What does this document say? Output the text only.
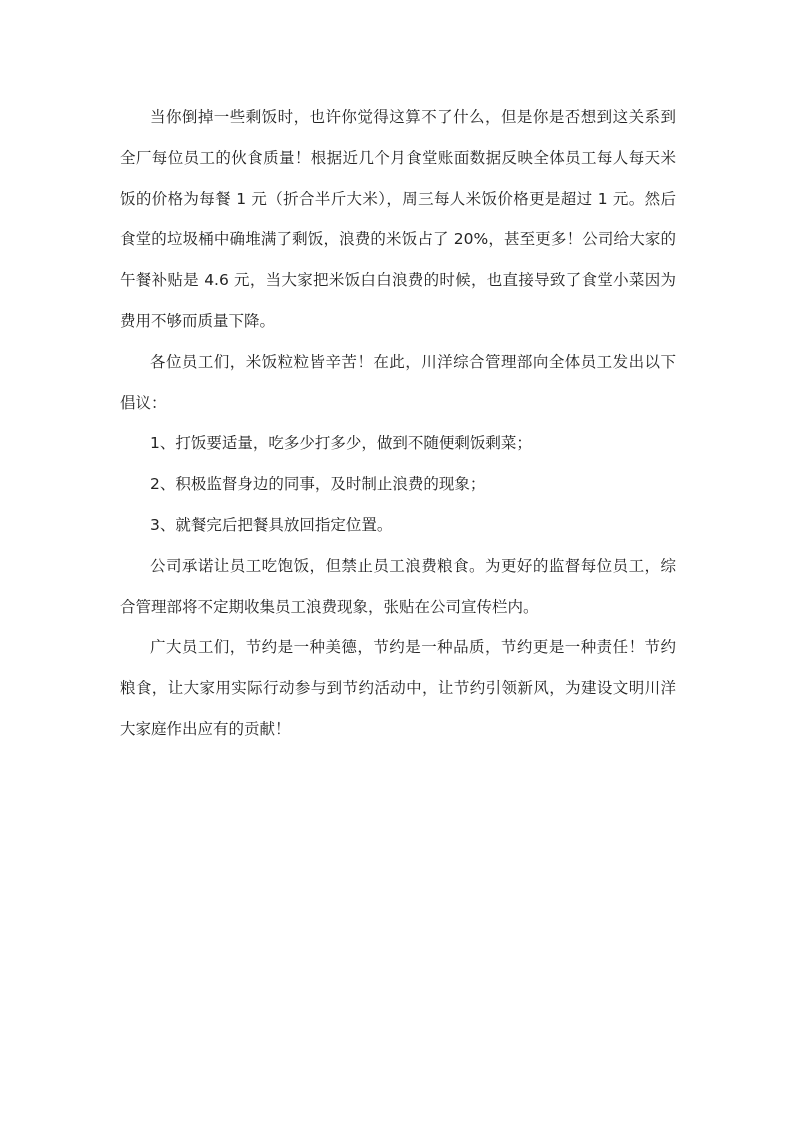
当你倒掉一些剩饭时，也许你觉得这算不了什么，但是你是否想到这关系到全厂每位员工的伙食质量！根据近几个月食堂账面数据反映全体员工每人每天米饭的价格为每餐 1 元（折合半斤大米），周三每人米饭价格更是超过 1 元。然后食堂的垃圾桶中确堆满了剩饭，浪费的米饭占了 20%，甚至更多！公司给大家的午餐补贴是 4.6 元，当大家把米饭白白浪费的时候，也直接导致了食堂小菜因为费用不够而质量下降。

各位员工们，米饭粒粒皆辛苦！在此，川洋综合管理部向全体员工发出以下倡议：

1、打饭要适量，吃多少打多少，做到不随便剩饭剩菜；

2、积极监督身边的同事，及时制止浪费的现象；

3、就餐完后把餐具放回指定位置。

公司承诺让员工吃饱饭，但禁止员工浪费粮食。为更好的监督每位员工，综合管理部将不定期收集员工浪费现象，张贴在公司宣传栏内。

广大员工们，节约是一种美德，节约是一种品质，节约更是一种责任！节约粮食，让大家用实际行动参与到节约活动中，让节约引领新风，为建设文明川洋大家庭作出应有的贡献！
